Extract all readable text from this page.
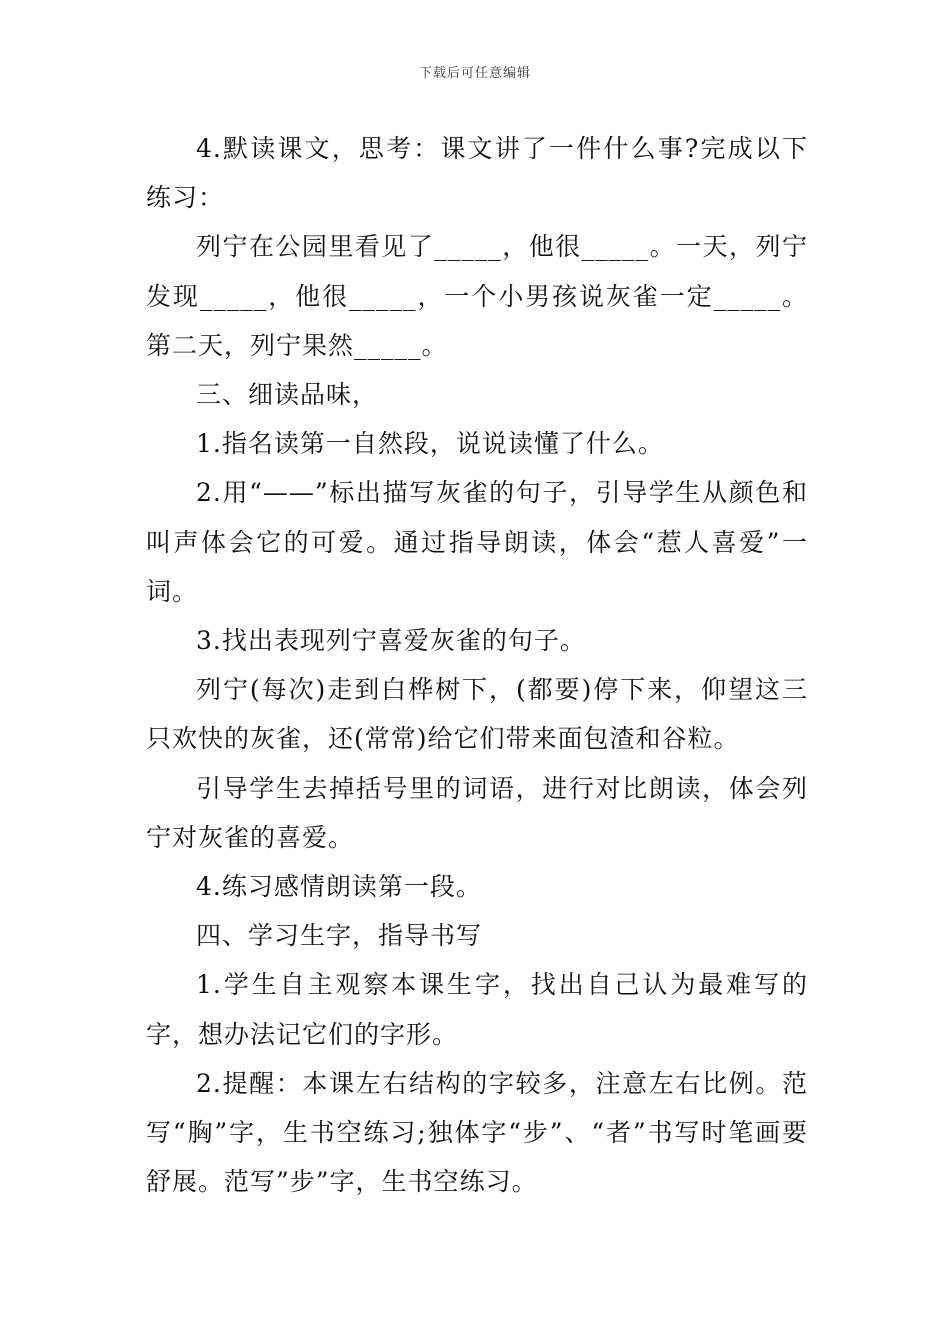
下载后可任意编辑

4.默读课文，思考：课文讲了一件什么事?完成以下练习：

列宁在公园里看见了_____，他很_____。一天，列宁发现_____，他很_____，一个小男孩说灰雀一定_____。第二天，列宁果然_____。

三、细读品味，

1.指名读第一自然段，说说读懂了什么。

2.用“——”标出描写灰雀的句子，引导学生从颜色和叫声体会它的可爱。通过指导朗读，体会“惹人喜爱”一词。

3.找出表现列宁喜爱灰雀的句子。

列宁(每次)走到白桦树下，(都要)停下来，仰望这三只欢快的灰雀，还(常常)给它们带来面包渣和谷粒。

引导学生去掉括号里的词语，进行对比朗读，体会列宁对灰雀的喜爱。

4.练习感情朗读第一段。

四、学习生字，指导书写

1.学生自主观察本课生字，找出自己认为最难写的字，想办法记它们的字形。

2.提醒：本课左右结构的字较多，注意左右比例。范写“胸”字，生书空练习;独体字“步”、“者”书写时笔画要舒展。范写”步”字，生书空练习。
